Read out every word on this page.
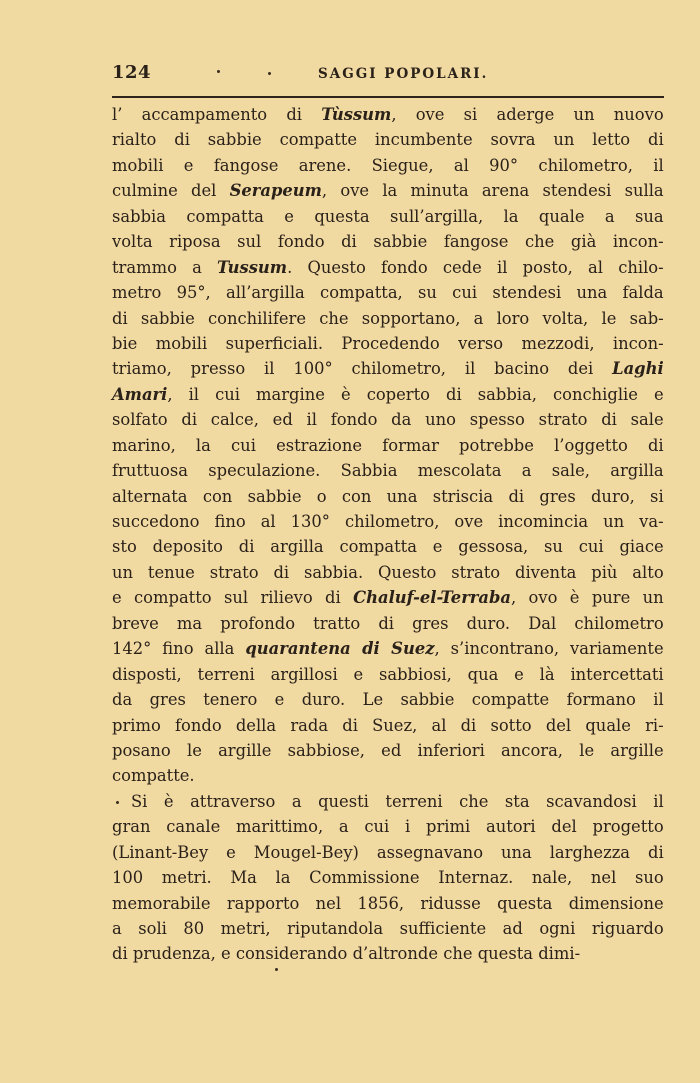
124	SAGGI POPOLARI.
l’ accampamento di Tùssum, ove si aderge un nuovo
rialto di sabbie compatte incumbente sovra un letto di
mobili e fangose arene. Siegue, al 90° chilometro, il
culmine del Serapeum, ove la minuta arena stendesi sulla
sabbia compatta e questa sull’argilla, la quale a sua
volta riposa sul fondo di sabbie fangose che già incon-
trammo a Tussum. Questo fondo cede il posto, al chilo-
metro 95°, all’argilla compatta, su cui stendesi una falda
di sabbie conchilifere che sopportano, a loro volta, le sab-
bie mobili superficiali. Procedendo verso mezzodi, incon-
triamo, presso il 100° chilometro, il bacino dei Laghi
Amari, il cui margine è coperto di sabbia, conchiglie e
solfato di calce, ed il fondo da uno spesso strato di sale
marino, la cui estrazione formar potrebbe l’oggetto di
fruttuosa speculazione. Sabbia mescolata a sale, argilla
alternata con sabbie o con una striscia di gres duro, si
succedono fino al 130° chilometro, ove incomincia un va-
sto deposito di argilla compatta e gessosa, su cui giace
un tenue strato di sabbia. Questo strato diventa più alto
e compatto sul rilievo di Chaluf-el-Terraba, ovo è pure un
breve ma profondo tratto di gres duro. Dal chilometro
142° fino alla quarantena di Suez, s’incontrano, variamente
disposti, terreni argillosi e sabbiosi, qua e là intercettati
da gres tenero e duro. Le sabbie compatte formano il
primo fondo della rada di Suez, al di sotto del quale ri-
posano le argille sabbiose, ed inferiori ancora, le argille
compatte.
Si è attraverso a questi terreni che sta scavandosi il
gran canale marittimo, a cui i primi autori del progetto
(Linant-Bey e Mougel-Bey) assegnavano una larghezza di
100 metri. Ma la Commissione Internaz. nale, nel suo
memorabile rapporto nel 1856, ridusse questa dimensione
a soli 80 metri, riputandola sufficiente ad ogni riguardo
di prudenza, e considerando d’altronde che questa dimi-
